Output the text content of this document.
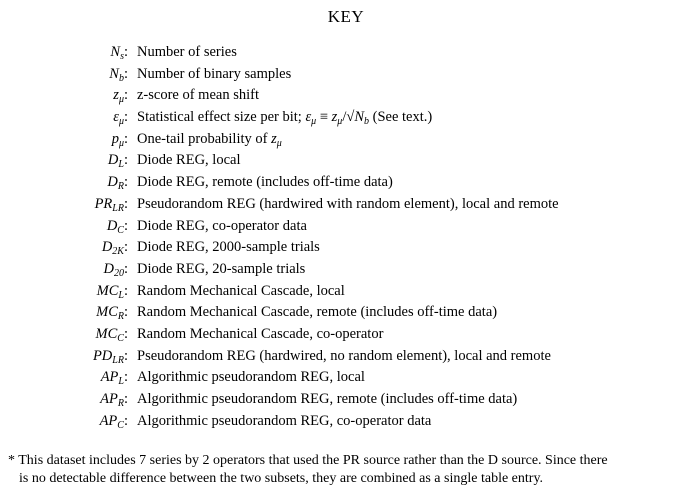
KEY
$N_s$: Number of series
$N_b$: Number of binary samples
$z_\mu$: z-score of mean shift
$\varepsilon_\mu$: Statistical effect size per bit; $\varepsilon_\mu \equiv z_\mu/√N_b$ (See text.)
$p_\mu$: One-tail probability of $z_\mu$
$D_L$: Diode REG, local
$D_R$: Diode REG, remote (includes off-time data)
$PR_{LR}$: Pseudorandom REG (hardwired with random element), local and remote
$D_C$: Diode REG, co-operator data
$D_{2K}$: Diode REG, 2000-sample trials
$D_{20}$: Diode REG, 20-sample trials
$MC_L$: Random Mechanical Cascade, local
$MC_R$: Random Mechanical Cascade, remote (includes off-time data)
$MC_C$: Random Mechanical Cascade, co-operator
$PD_{LR}$: Pseudorandom REG (hardwired, no random element), local and remote
$AP_L$: Algorithmic pseudorandom REG, local
$AP_R$: Algorithmic pseudorandom REG, remote (includes off-time data)
$AP_C$: Algorithmic pseudorandom REG, co-operator data
* This dataset includes 7 series by 2 operators that used the PR source rather than the D source. Since there
is no detectable difference between the two subsets, they are combined as a single table entry.
